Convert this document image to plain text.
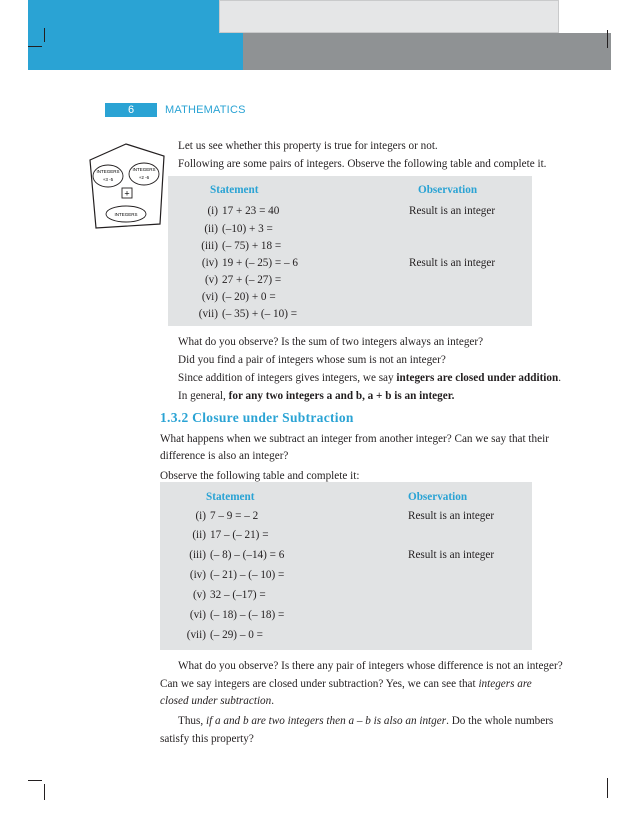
6	MATHEMATICS
INTEGERS
+3 -5
INTEGERS
+2 -6
+
INTEGERS
Let us see whether this property is true for integers or not.
Following are some pairs of integers. Observe the following table and complete it.
Statement	Observation
(i) 17 + 23 = 40	Result is an integer
(ii) (–10) + 3 =
(iii) (– 75) + 18 =
(iv) 19 + (– 25) = – 6	Result is an integer
(v) 27 + (– 27) =
(vi) (– 20) + 0 =
(vii) (– 35) + (– 10) =
What do you observe? Is the sum of two integers always an integer?
Did you find a pair of integers whose sum is not an integer?
Since addition of integers gives integers, we say integers are closed under addition.
In general, for any two integers a and b, a + b is an integer.
1.3.2 Closure under Subtraction
What happens when we subtract an integer from another integer? Can we say that their
difference is also an integer?
Observe the following table and complete it:
Statement	Observation
(i) 7 – 9 = – 2	Result is an integer
(ii) 17 – (– 21) =
(iii) (– 8) – (–14) = 6	Result is an integer
(iv) (– 21) – (– 10) =
(v) 32 – (–17) =
(vi) (– 18) – (– 18) =
(vii) (– 29) – 0 =
What do you observe? Is there any pair of integers whose difference is not an integer?
Can we say integers are closed under subtraction? Yes, we can see that integers are
closed under subtraction.
Thus, if a and b are two integers then a – b is also an intger. Do the whole numbers
satisfy this property?
